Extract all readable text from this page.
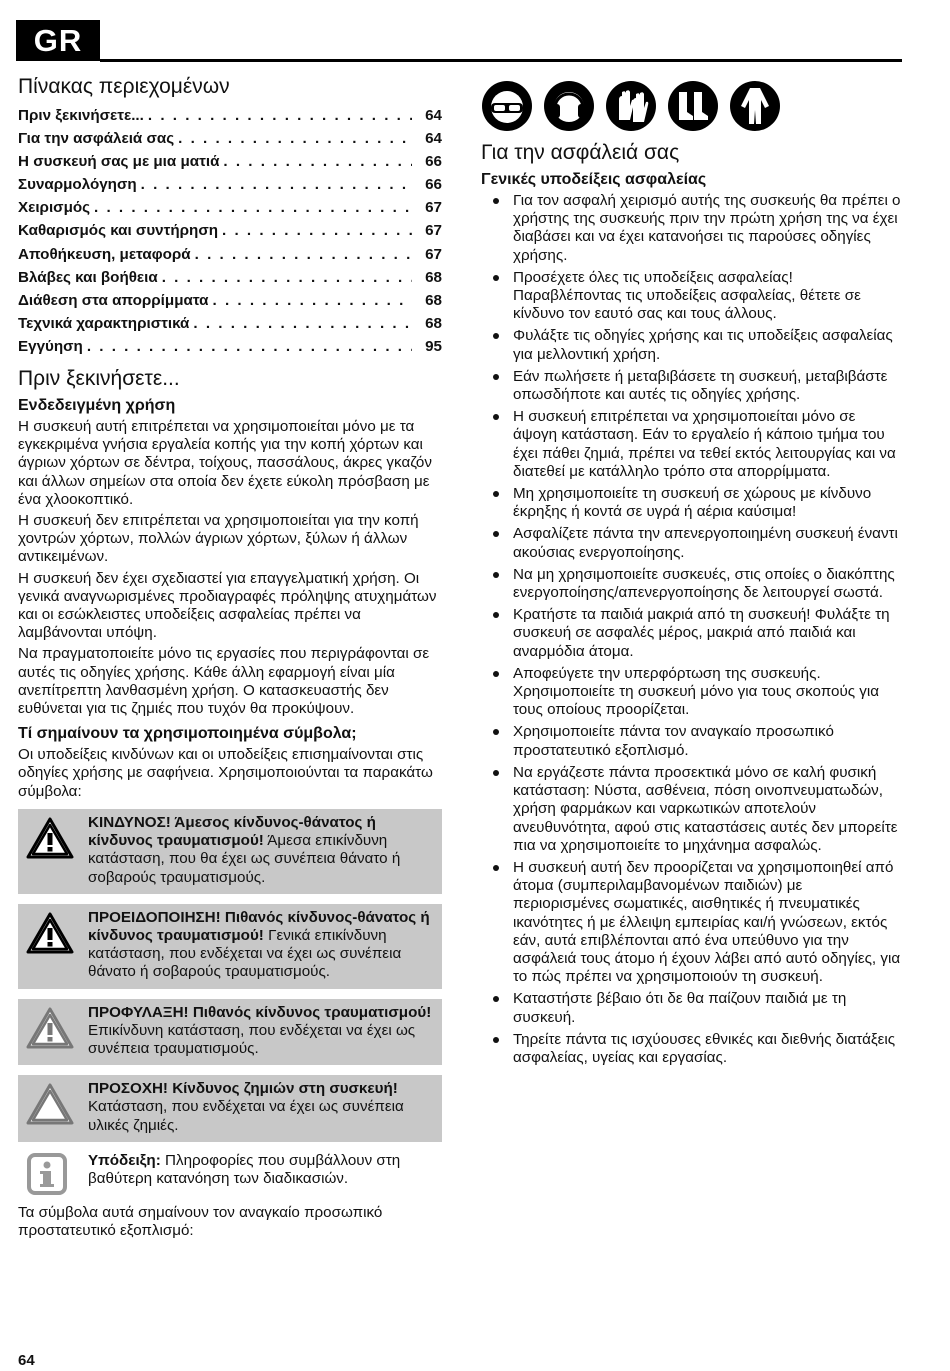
GR
Πίνακας περιεχομένων
Πριν ξεκινήσετε... . . .	64
Για την ασφάλειά σας . . .	64
Η συσκευή σας με μια ματιά . . .	66
Συναρμολόγηση . . .	66
Χειρισμός . . .	67
Καθαρισμός και συντήρηση . . .	67
Αποθήκευση, μεταφορά . . .	67
Βλάβες και βοήθεια . . .	68
Διάθεση στα απορρίμματα . . .	68
Τεχνικά χαρακτηριστικά . . .	68
Εγγύηση . . .	95
Πριν ξεκινήσετε...
Ενδεδειγμένη χρήση

Η συσκευή αυτή επιτρέπεται να χρησιμοποιείται μόνο με τα εγκεκριμένα γνήσια εργαλεία κοπής για την κοπή χόρτων και άγριων χόρτων σε δέντρα, τοίχους, πασσάλους, άκρες γκαζόν και άλλων σημείων στα οποία δεν έχετε εύκολη πρόσβαση με ένα χλοοκοπτικό.

Η συσκευή δεν επιτρέπεται να χρησιμοποιείται για την κοπή χοντρών χόρτων, πολλών άγριων χόρτων, ξύλων ή άλλων αντικειμένων.

Η συσκευή δεν έχει σχεδιαστεί για επαγγελματική χρήση. Οι γενικά αναγνωρισμένες προδιαγραφές πρόληψης ατυχημάτων και οι εσώκλειστες υποδείξεις ασφαλείας πρέπει να λαμβάνονται υπόψη.

Να πραγματοποιείτε μόνο τις εργασίες που περιγράφονται σε αυτές τις οδηγίες χρήσης. Κάθε άλλη εφαρμογή είναι μία ανεπίτρεπτη λανθασμένη χρήση. Ο κατασκευαστής δεν ευθύνεται για τις ζημιές που τυχόν θα προκύψουν.

Τί σημαίνουν τα χρησιμοποιημένα σύμβολα;

Οι υποδείξεις κινδύνων και οι υποδείξεις επισημαίνονται στις οδηγίες χρήσης με σαφήνεια. Χρησιμοποιούνται τα παρακάτω σύμβολα:

ΚΙΝΔΥΝΟΣ! Άμεσος κίνδυνος-θάνατος ή κίνδυνος τραυματισμού! Άμεσα επικίνδυνη κατάσταση, που θα έχει ως συνέπεια θάνατο ή σοβαρούς τραυματισμούς.

ΠΡΟΕΙΔΟΠΟΙΗΣΗ! Πιθανός κίνδυνος-θάνατος ή κίνδυνος τραυματισμού! Γενικά επικίνδυνη κατάσταση, που ενδέχεται να έχει ως συνέπεια θάνατο ή σοβαρούς τραυματισμούς.

ΠΡΟΦΥΛΑΞΗ! Πιθανός κίνδυνος τραυματισμού! Επικίνδυνη κατάσταση, που ενδέχεται να έχει ως συνέπεια τραυματισμούς.

ΠΡΟΣΟΧΗ! Κίνδυνος ζημιών στη συσκευή! Κατάσταση, που ενδέχεται να έχει ως συνέπεια υλικές ζημιές.

Υπόδειξη: Πληροφορίες που συμβάλλουν στη βαθύτερη κατανόηση των διαδικασιών.

Τα σύμβολα αυτά σημαίνουν τον αναγκαίο προσωπικό προστατευτικό εξοπλισμό:

Για την ασφάλειά σας
Γενικές υποδείξεις ασφαλείας
Για τον ασφαλή χειρισμό αυτής της συσκευής θα πρέπει ο χρήστης της συσκευής πριν την πρώτη χρήση της να έχει διαβάσει και να έχει κατανοήσει τις παρούσες οδηγίες χρήσης.
Προσέχετε όλες τις υποδείξεις ασφαλείας! Παραβλέποντας τις υποδείξεις ασφαλείας, θέτετε σε κίνδυνο τον εαυτό σας και τους άλλους.
Φυλάξτε τις οδηγίες χρήσης και τις υποδείξεις ασφαλείας για μελλοντική χρήση.
Εάν πωλήσετε ή μεταβιβάσετε τη συσκευή, μεταβιβάστε οπωσδήποτε και αυτές τις οδηγίες χρήσης.
Η συσκευή επιτρέπεται να χρησιμοποιείται μόνο σε άψογη κατάσταση. Εάν το εργαλείο ή κάποιο τμήμα του έχει πάθει ζημιά, πρέπει να τεθεί εκτός λειτουργίας και να διατεθεί με κατάλληλο τρόπο στα απορρίμματα.
Μη χρησιμοποιείτε τη συσκευή σε χώρους με κίνδυνο έκρηξης ή κοντά σε υγρά ή αέρια καύσιμα!
Ασφαλίζετε πάντα την απενεργοποιημένη συσκευή έναντι ακούσιας ενεργοποίησης.
Να μη χρησιμοποιείτε συσκευές, στις οποίες ο διακόπτης ενεργοποίησης/απενεργοποίησης δε λειτουργεί σωστά.
Κρατήστε τα παιδιά μακριά από τη συσκευή! Φυλάξτε τη συσκευή σε ασφαλές μέρος, μακριά από παιδιά και αναρμόδια άτομα.
Αποφεύγετε την υπερφόρτωση της συσκευής. Χρησιμοποιείτε τη συσκευή μόνο για τους σκοπούς για τους οποίους προορίζεται.
Χρησιμοποιείτε πάντα τον αναγκαίο προσωπικό προστατευτικό εξοπλισμό.
Να εργάζεστε πάντα προσεκτικά μόνο σε καλή φυσική κατάσταση: Νύστα, ασθένεια, πόση οινοπνευματωδών, χρήση φαρμάκων και ναρκωτικών αποτελούν ανευθυνότητα, αφού στις καταστάσεις αυτές δεν μπορείτε πια να χρησιμοποιείτε το μηχάνημα ασφαλώς.
Η συσκευή αυτή δεν προορίζεται να χρησιμοποιηθεί από άτομα (συμπεριλαμβανομένων παιδιών) με περιορισμένες σωματικές, αισθητικές ή πνευματικές ικανότητες ή με έλλειψη εμπειρίας και/ή γνώσεων, εκτός εάν, αυτά επιβλέπονται από ένα υπεύθυνο για την ασφάλειά τους άτομο ή έχουν λάβει από αυτό οδηγίες, για το πώς πρέπει να χρησιμοποιούν τη συσκευή.
Καταστήστε βέβαιο ότι δε θα παίζουν παιδιά με τη συσκευή.
Τηρείτε πάντα τις ισχύουσες εθνικές και διεθνής διατάξεις ασφαλείας, υγείας και εργασίας.
64
